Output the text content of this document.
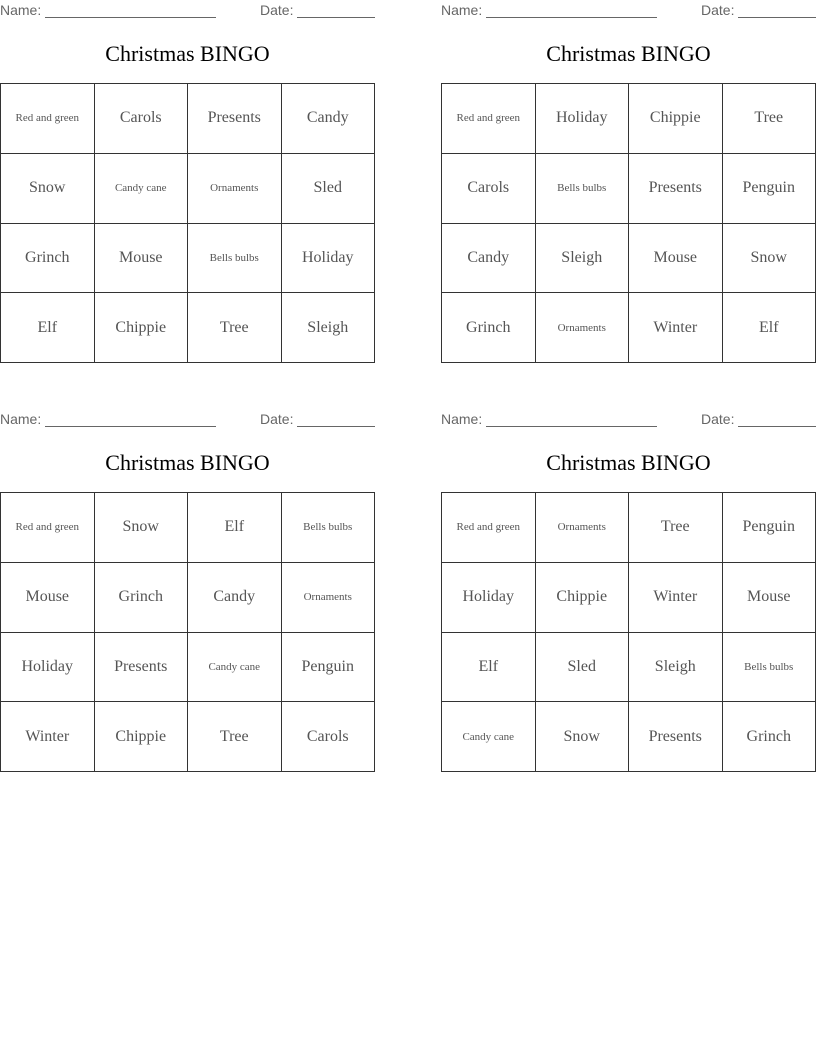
Name:	Date:
Christmas BINGO
Red and green	Carols	Presents	Candy
Snow	Candy cane	Ornaments	Sled
Grinch	Mouse	Bells bulbs	Holiday
Elf	Chippie	Tree	Sleigh
Name:	Date:
Christmas BINGO
Red and green	Holiday	Chippie	Tree
Carols	Bells bulbs	Presents	Penguin
Candy	Sleigh	Mouse	Snow
Grinch	Ornaments	Winter	Elf
Name:	Date:
Christmas BINGO
Red and green	Snow	Elf	Bells bulbs
Mouse	Grinch	Candy	Ornaments
Holiday	Presents	Candy cane	Penguin
Winter	Chippie	Tree	Carols
Name:	Date:
Christmas BINGO
Red and green	Ornaments	Tree	Penguin
Holiday	Chippie	Winter	Mouse
Elf	Sled	Sleigh	Bells bulbs
Candy cane	Snow	Presents	Grinch
